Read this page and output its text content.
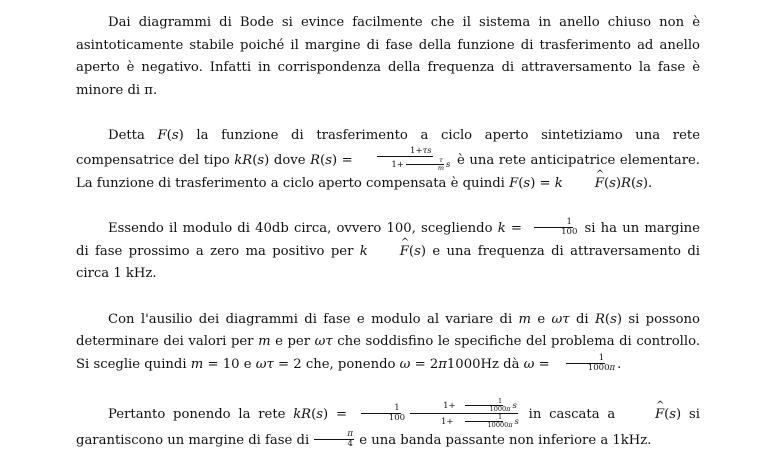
Dai diagrammi di Bode si evince facilmente che il sistema in anello chiuso non è asintoticamente stabile poiché il margine di fase della funzione di trasferimento ad anello aperto è negativo. Infatti in corrispondenza della frequenza di attraversamento la fase è minore di π.

Detta F(s) la funzione di trasferimento a ciclo aperto sintetiziamo una rete compensatrice del tipo kR(s) dove $R(s) = \frac{1+\tau s}{1+ \frac{\tau}{m} s}$ è una rete anticipatrice elementare. La funzione di trasferimento a ciclo aperto compensata è quindi F(s) = k ^ F(s)R(s).

Essendo il modulo di 40db circa, ovvero 100, scegliendo $k = \frac{1}{100}$ si ha un margine di fase prossimo a zero ma positivo per k ^ F(s) e una frequenza di attraversamento di circa 1 kHz.

Con l'ausilio dei diagrammi di fase e modulo al variare di m e ωτ di R(s) si possono determinare dei valori per m e per ωτ che soddisfino le specifiche del problema di controllo. Si sceglie quindi m = 10 e ωτ = 2 che, ponendo ω = 2π1000Hz dà $\omega = \frac{1}{1000\pi}$ .

Pertanto ponendo la rete $kR(s) = \frac{1}{100} \frac{1+ \frac{1}{1000\pi} s}{1+ \frac{1}{10000\pi} s}$ in cascata a	^ F(s) si garantiscono un margine di fase di $\frac{\pi}{4}$ e una banda passante non inferiore a 1kHz.
